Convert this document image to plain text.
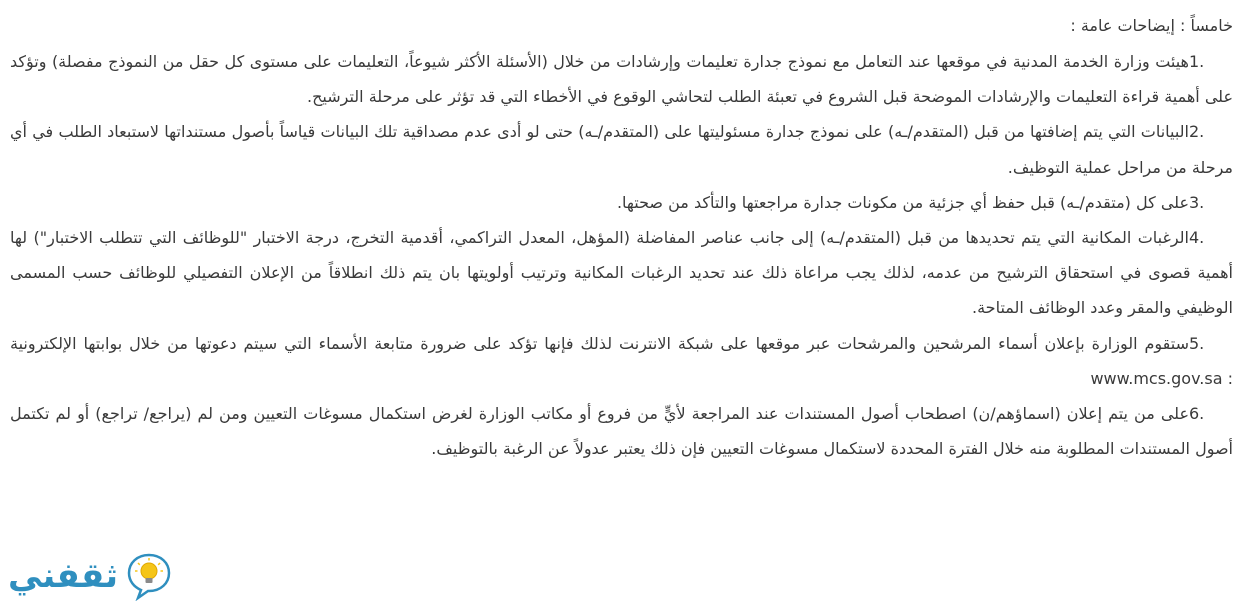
خامساً : إيضاحات عامة :

1.هيئت وزارة الخدمة المدنية في موقعها عند التعامل مع نموذج جدارة تعليمات وإرشادات من خلال (الأسئلة الأكثر شيوعاً، التعليمات على مستوى كل حقل من النموذج مفصلة) وتؤكد على أهمية قراءة التعليمات والإرشادات الموضحة قبل الشروع في تعبئة الطلب لتحاشي الوقوع في الأخطاء التي قد تؤثر على مرحلة الترشيح.

2.البيانات التي يتم إضافتها من قبل (المتقدم/ـه) على نموذج جدارة مسئوليتها على (المتقدم/ـه) حتى لو أدى عدم مصداقية تلك البيانات قياساً بأصول مستنداتها لاستبعاد الطلب في أي مرحلة من مراحل عملية التوظيف.

3.على كل (متقدم/ـه) قبل حفظ أي جزئية من مكونات جدارة مراجعتها والتأكد من صحتها.

4.الرغبات المكانية التي يتم تحديدها من قبل (المتقدم/ـه) إلى جانب عناصر المفاضلة (المؤهل، المعدل التراكمي، أقدمية التخرج، درجة الاختبار "للوظائف التي تتطلب الاختبار") لها أهمية قصوى في استحقاق الترشيح من عدمه، لذلك يجب مراعاة ذلك عند تحديد الرغبات المكانية وترتيب أولويتها بان يتم ذلك انطلاقاً من الإعلان التفصيلي للوظائف حسب المسمى الوظيفي والمقر وعدد الوظائف المتاحة.

5.ستقوم الوزارة بإعلان أسماء المرشحين والمرشحات عبر موقعها على شبكة الانترنت لذلك فإنها تؤكد على ضرورة متابعة الأسماء التي سيتم دعوتها من خلال بوابتها الإلكترونية : www.mcs.gov.sa

6.على من يتم إعلان (اسماؤهم/ن) اصطحاب أصول المستندات عند المراجعة لأيٍّ من فروع أو مكاتب الوزارة لغرض استكمال مسوغات التعيين ومن لم (يراجع/ تراجع) أو لم تكتمل أصول المستندات المطلوبة منه خلال الفترة المحددة لاستكمال مسوغات التعيين فإن ذلك يعتبر عدولاً عن الرغبة بالتوظيف.

ثقفني
